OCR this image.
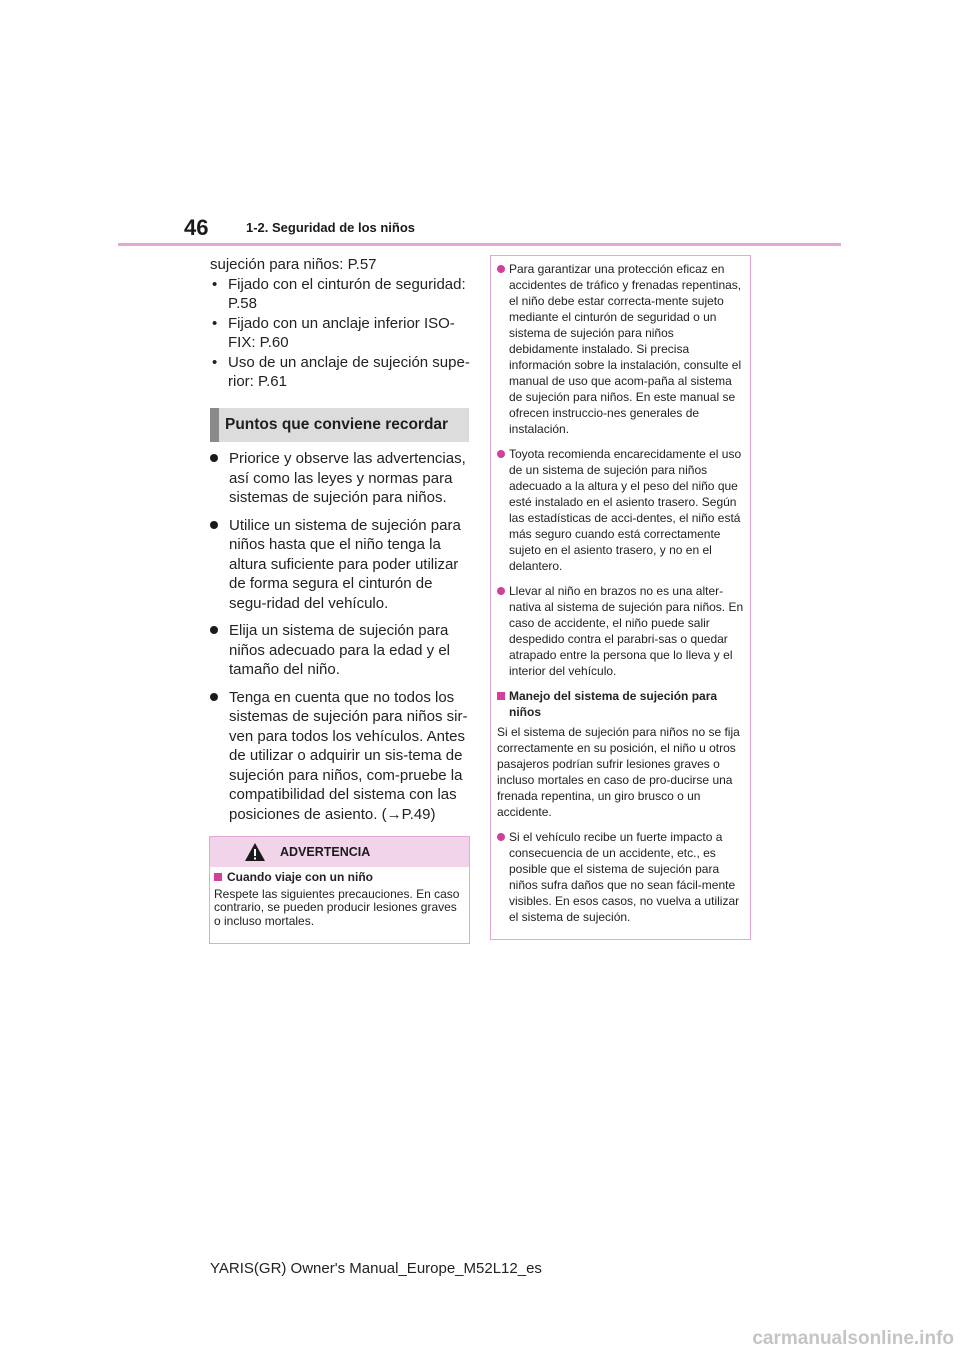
46	1-2. Seguridad de los niños

sujeción para niños: P.57

• Fijado con el cinturón de seguridad: P.58
• Fijado con un anclaje inferior ISO-FIX: P.60
• Uso de un anclaje de sujeción supe-rior: P.61
Puntos que conviene recordar
Priorice y observe las advertencias, así como las leyes y normas para sistemas de sujeción para niños.
Utilice un sistema de sujeción para niños hasta que el niño tenga la altura suficiente para poder utilizar de forma segura el cinturón de segu-ridad del vehículo.
Elija un sistema de sujeción para niños adecuado para la edad y el tamaño del niño.
Tenga en cuenta que no todos los sistemas de sujeción para niños sir-ven para todos los vehículos. Antes de utilizar o adquirir un sis-tema de sujeción para niños, com-pruebe la compatibilidad del sistema con las posiciones de asiento. (→P.49)
ADVERTENCIA
Cuando viaje con un niño
Respete las siguientes precauciones. En caso contrario, se pueden producir lesiones graves o incluso mortales.
Para garantizar una protección eficaz en accidentes de tráfico y frenadas repentinas, el niño debe estar correcta-mente sujeto mediante el cinturón de seguridad o un sistema de sujeción para niños debidamente instalado. Si precisa información sobre la instalación, consulte el manual de uso que acom-paña al sistema de sujeción para niños. En este manual se ofrecen instruccio-nes generales de instalación.
Toyota recomienda encarecidamente el uso de un sistema de sujeción para niños adecuado a la altura y el peso del niño que esté instalado en el asiento trasero. Según las estadísticas de acci-dentes, el niño está más seguro cuando está correctamente sujeto en el asiento trasero, y no en el delantero.
Llevar al niño en brazos no es una alter-nativa al sistema de sujeción para niños. En caso de accidente, el niño puede salir despedido contra el parabri-sas o quedar atrapado entre la persona que lo lleva y el interior del vehículo.
Manejo del sistema de sujeción para niños
Si el sistema de sujeción para niños no se fija correctamente en su posición, el niño u otros pasajeros podrían sufrir lesiones graves o incluso mortales en caso de pro-ducirse una frenada repentina, un giro brusco o un accidente.
Si el vehículo recibe un fuerte impacto a consecuencia de un accidente, etc., es posible que el sistema de sujeción para niños sufra daños que no sean fácil-mente visibles. En esos casos, no vuelva a utilizar el sistema de sujeción.
YARIS(GR) Owner's Manual_Europe_M52L12_es
carmanualsonline.info
